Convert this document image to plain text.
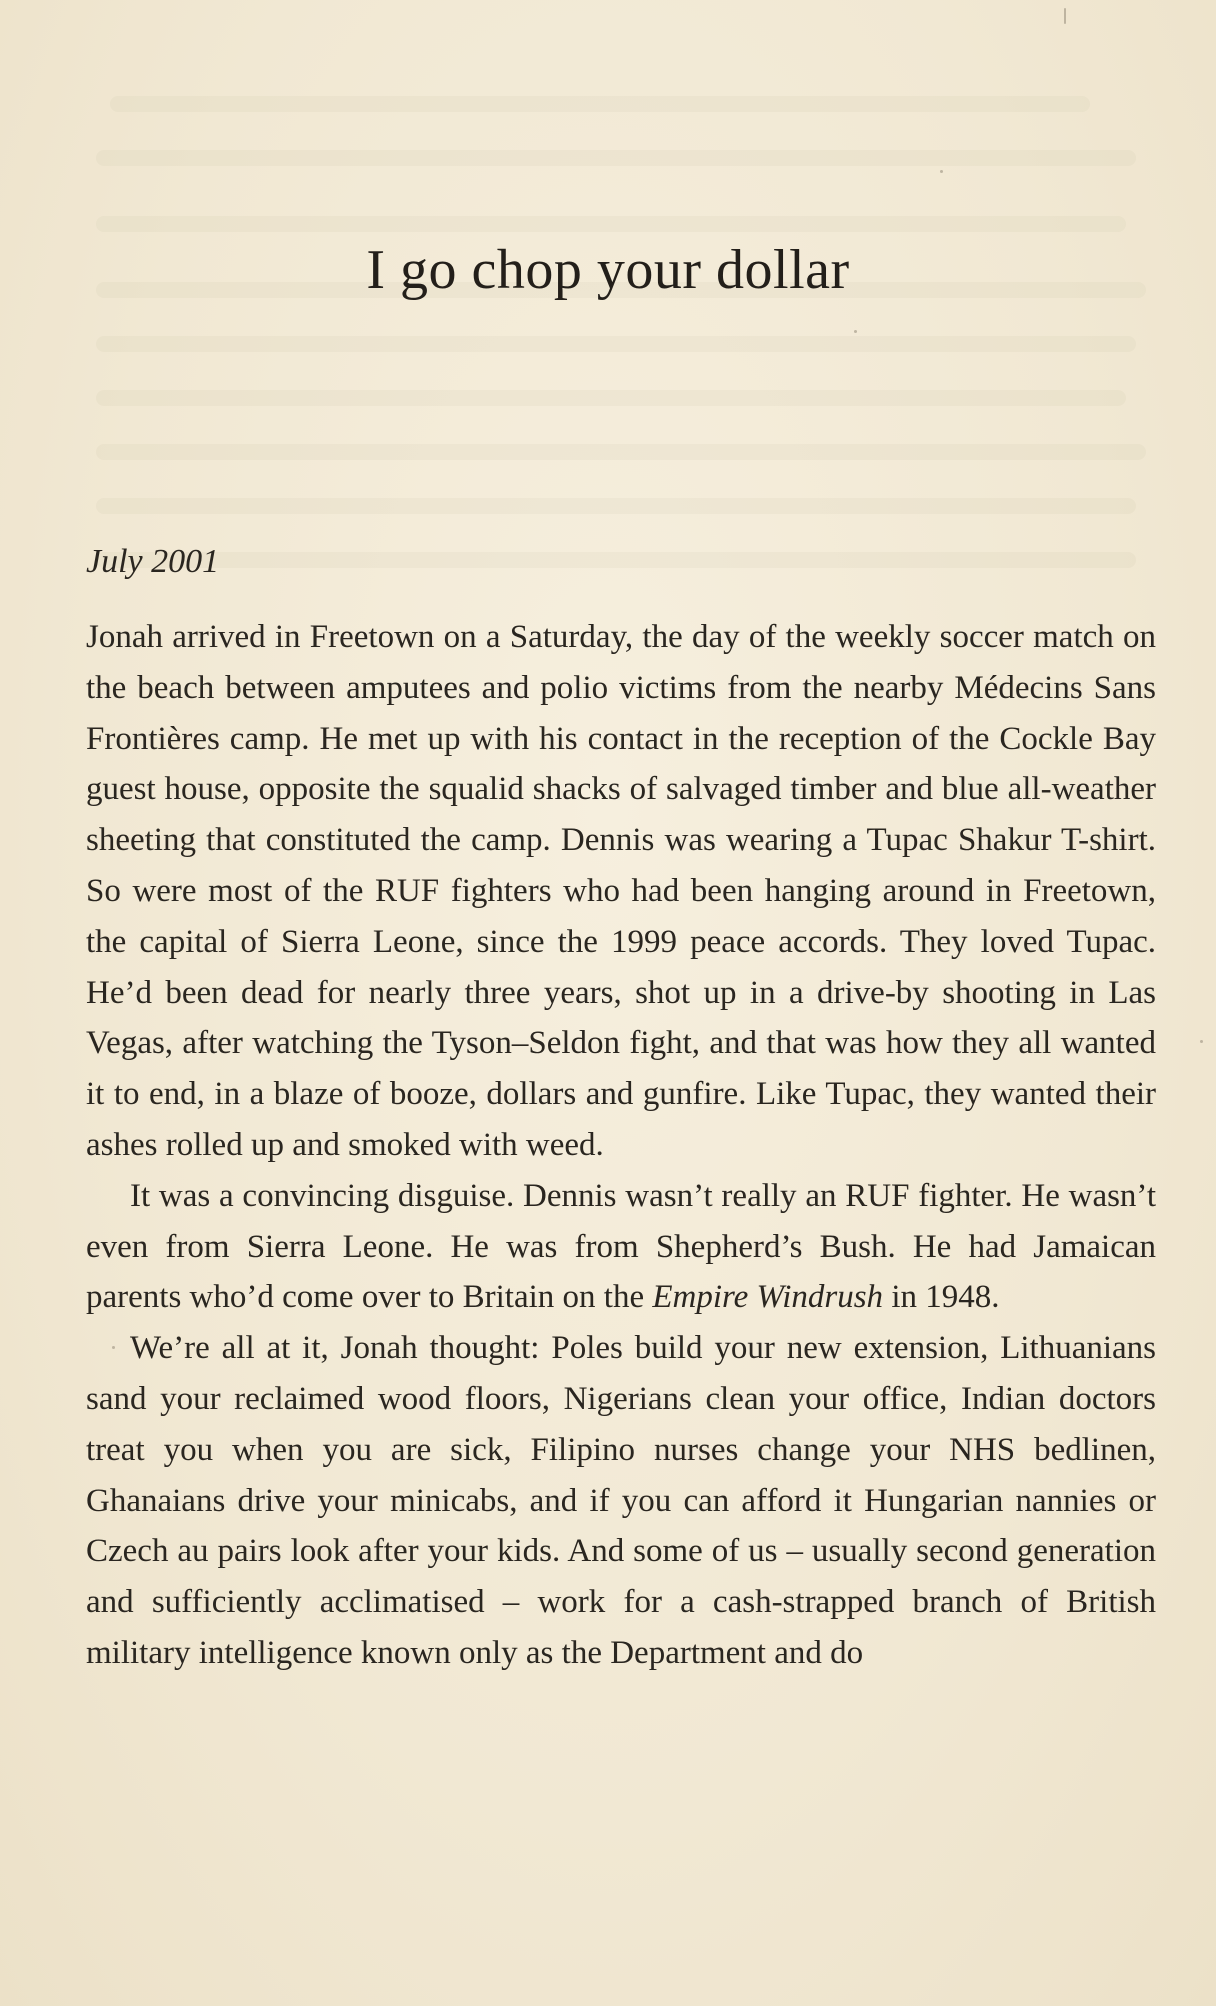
I go chop your dollar
July 2001

Jonah arrived in Freetown on a Saturday, the day of the weekly soccer match on the beach between amputees and polio victims from the nearby Médecins Sans Frontières camp. He met up with his contact in the reception of the Cockle Bay guest house, opposite the squalid shacks of salvaged timber and blue all-weather sheeting that constituted the camp. Dennis was wearing a Tupac Shakur T-shirt. So were most of the RUF fighters who had been hanging around in Freetown, the capital of Sierra Leone, since the 1999 peace accords. They loved Tupac. He’d been dead for nearly three years, shot up in a drive-by shooting in Las Vegas, after watching the Tyson–Seldon fight, and that was how they all wanted it to end, in a blaze of booze, dollars and gunfire. Like Tupac, they wanted their ashes rolled up and smoked with weed.

It was a convincing disguise. Dennis wasn’t really an RUF fighter. He wasn’t even from Sierra Leone. He was from Shepherd’s Bush. He had Jamaican parents who’d come over to Britain on the Empire Windrush in 1948.

We’re all at it, Jonah thought: Poles build your new extension, Lithuanians sand your reclaimed wood floors, Nigerians clean your office, Indian doctors treat you when you are sick, Filipino nurses change your NHS bedlinen, Ghanaians drive your minicabs, and if you can afford it Hungarian nannies or Czech au pairs look after your kids. And some of us – usually second generation and sufficiently acclimatised – work for a cash-strapped branch of British military intelligence known only as the Department and do
